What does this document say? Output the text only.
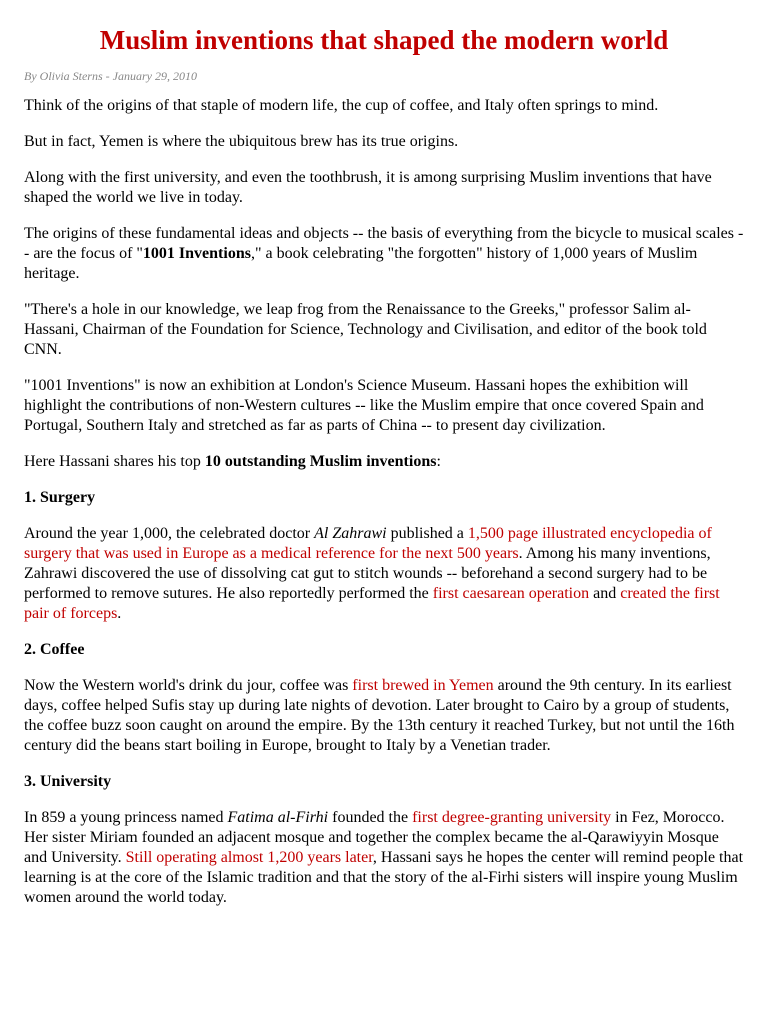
Muslim inventions that shaped the modern world
By Olivia Sterns - January 29, 2010

Think of the origins of that staple of modern life, the cup of coffee, and Italy often springs to mind.

But in fact, Yemen is where the ubiquitous brew has its true origins.

Along with the first university, and even the toothbrush, it is among surprising Muslim inventions that have shaped the world we live in today.

The origins of these fundamental ideas and objects -- the basis of everything from the bicycle to musical scales -- are the focus of "1001 Inventions," a book celebrating "the forgotten" history of 1,000 years of Muslim heritage.

"There's a hole in our knowledge, we leap frog from the Renaissance to the Greeks," professor Salim al-Hassani, Chairman of the Foundation for Science, Technology and Civilisation, and editor of the book told CNN.

"1001 Inventions" is now an exhibition at London's Science Museum. Hassani hopes the exhibition will highlight the contributions of non-Western cultures -- like the Muslim empire that once covered Spain and Portugal, Southern Italy and stretched as far as parts of China -- to present day civilization.

Here Hassani shares his top 10 outstanding Muslim inventions:

1. Surgery

Around the year 1,000, the celebrated doctor Al Zahrawi published a 1,500 page illustrated encyclopedia of surgery that was used in Europe as a medical reference for the next 500 years. Among his many inventions, Zahrawi discovered the use of dissolving cat gut to stitch wounds -- beforehand a second surgery had to be performed to remove sutures. He also reportedly performed the first caesarean operation and created the first pair of forceps.

2. Coffee

Now the Western world's drink du jour, coffee was first brewed in Yemen around the 9th century. In its earliest days, coffee helped Sufis stay up during late nights of devotion. Later brought to Cairo by a group of students, the coffee buzz soon caught on around the empire. By the 13th century it reached Turkey, but not until the 16th century did the beans start boiling in Europe, brought to Italy by a Venetian trader.

3. University

In 859 a young princess named Fatima al-Firhi founded the first degree-granting university in Fez, Morocco. Her sister Miriam founded an adjacent mosque and together the complex became the al-Qarawiyyin Mosque and University. Still operating almost 1,200 years later, Hassani says he hopes the center will remind people that learning is at the core of the Islamic tradition and that the story of the al-Firhi sisters will inspire young Muslim women around the world today.
